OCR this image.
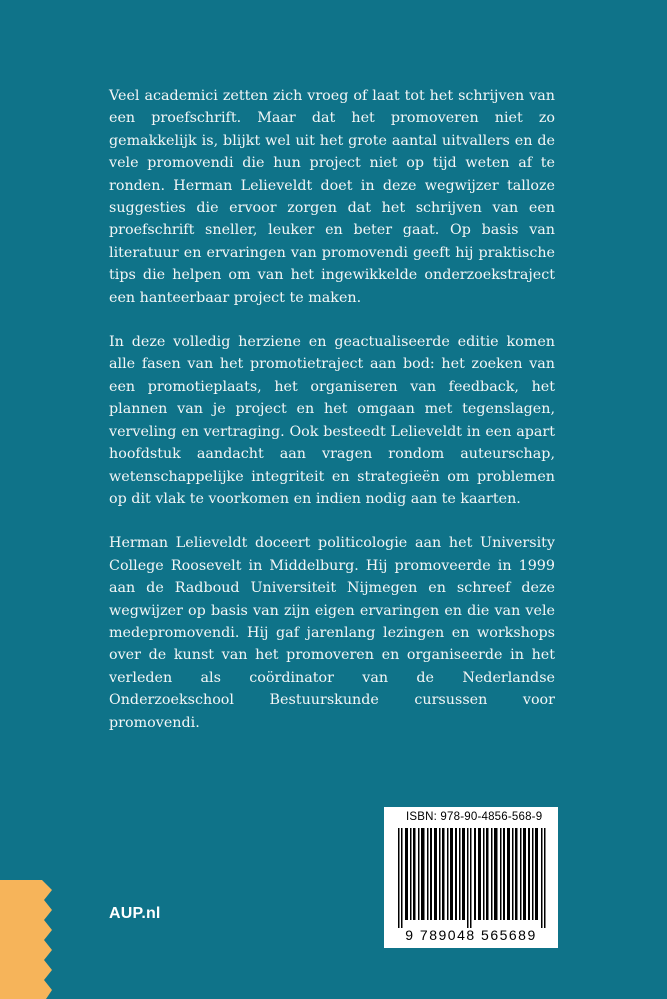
Veel academici zetten zich vroeg of laat tot het schrijven van een proefschrift. Maar dat het promoveren niet zo gemakkelijk is, blijkt wel uit het grote aantal uitvallers en de vele promovendi die hun project niet op tijd weten af te ronden. Herman Lelieveldt doet in deze wegwijzer talloze suggesties die ervoor zorgen dat het schrijven van een proefschrift sneller, leuker en beter gaat. Op basis van literatuur en ervaringen van promovendi geeft hij praktische tips die helpen om van het ingewikkelde onderzoekstraject een hanteerbaar project te maken.

In deze volledig herziene en geactualiseerde editie komen alle fasen van het promotietraject aan bod: het zoeken van een promotieplaats, het organiseren van feedback, het plannen van je project en het omgaan met tegenslagen, verveling en vertraging. Ook besteedt Lelieveldt in een apart hoofdstuk aandacht aan vragen rondom auteurschap, wetenschappelijke integriteit en strategieën om problemen op dit vlak te voorkomen en indien nodig aan te kaarten.

Herman Lelieveldt doceert politicologie aan het University College Roosevelt in Middelburg. Hij promoveerde in 1999 aan de Radboud Universiteit Nijmegen en schreef deze wegwijzer op basis van zijn eigen ervaringen en die van vele medepromovendi. Hij gaf jarenlang lezingen en workshops over de kunst van het promoveren en organiseerde in het verleden als coördinator van de Nederlandse Onderzoekschool Bestuurskunde cursussen voor promovendi.

AUP.nl
ISBN: 978-90-4856-568-9
9 789048 565689
